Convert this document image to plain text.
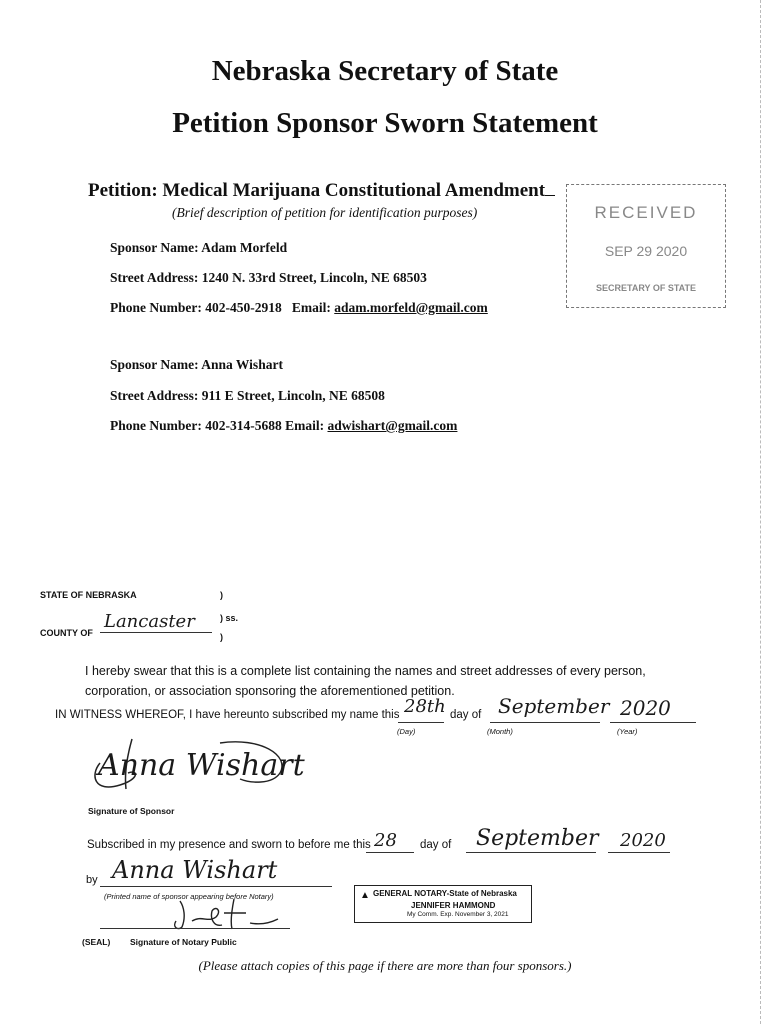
Nebraska Secretary of State
Petition Sponsor Sworn Statement
Petition: Medical Marijuana Constitutional Amendment
(Brief description of petition for identification purposes)	RECEIVED
SEP 29 2020
SECRETARY OF STATE
Sponsor Name: Adam Morfeld
Street Address: 1240 N. 33rd Street, Lincoln, NE 68503
Phone Number: 402-450-2918 Email: adam.morfeld@gmail.com
Sponsor Name: Anna Wishart
Street Address: 911 E Street, Lincoln, NE 68508
Phone Number: 402-314-5688 Email: adwishart@gmail.com
STATE OF NEBRASKA	)
) ss.
COUNTY OF
Lancaster
)
I hereby swear that this is a complete list containing the names and street addresses of every person,
corporation, or association sponsoring the aforementioned petition.
IN WITNESS WHEREOF, I have hereunto subscribed my name this 28th day of September 2020
(Day)	(Month)	(Year)
Anna Wishart
Signature of Sponsor
Subscribed in my presence and sworn to before me this 28 day of September 2020
by Anna Wishart
(Printed name of sponsor appearing before Notary)
(SEAL) Signature of Notary Public
GENERAL NOTARY-State of Nebraska
JENNIFER HAMMOND
My Comm. Exp. November 3, 2021
▲
(Please attach copies of this page if there are more than four sponsors.)
